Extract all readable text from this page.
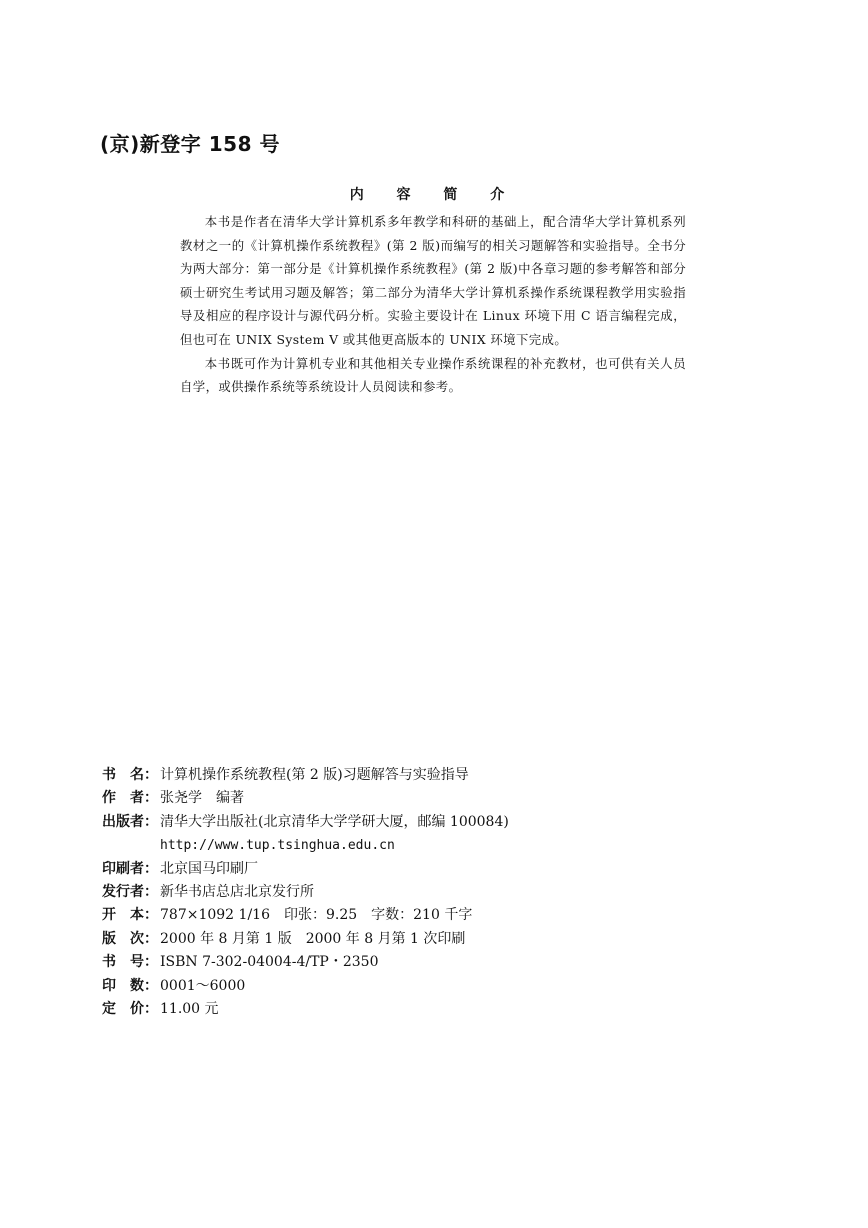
(京)新登字 158 号
内 容 简 介

本书是作者在清华大学计算机系多年教学和科研的基础上，配合清华大学计算机系列教材之一的《计算机操作系统教程》(第 2 版)而编写的相关习题解答和实验指导。全书分为两大部分：第一部分是《计算机操作系统教程》(第 2 版)中各章习题的参考解答和部分硕士研究生考试用习题及解答；第二部分为清华大学计算机系操作系统课程教学用实验指导及相应的程序设计与源代码分析。实验主要设计在 Linux 环境下用 C 语言编程完成，但也可在 UNIX System Ⅴ 或其他更高版本的 UNIX 环境下完成。

本书既可作为计算机专业和其他相关专业操作系统课程的补充教材，也可供有关人员自学，或供操作系统等系统设计人员阅读和参考。

书　名： 计算机操作系统教程(第 2 版)习题解答与实验指导
作　者： 张尧学　编著
出版者： 清华大学出版社(北京清华大学学研大厦，邮编 100084)
http://www.tup.tsinghua.edu.cn
印刷者： 北京国马印刷厂
发行者： 新华书店总店北京发行所
开　本： 787×1092 1/16　印张：9.25　字数：210 千字
版　次： 2000 年 8 月第 1 版　2000 年 8 月第 1 次印刷
书　号： ISBN 7-302-04004-4/TP・2350
印　数： 0001～6000
定　价： 11.00 元
